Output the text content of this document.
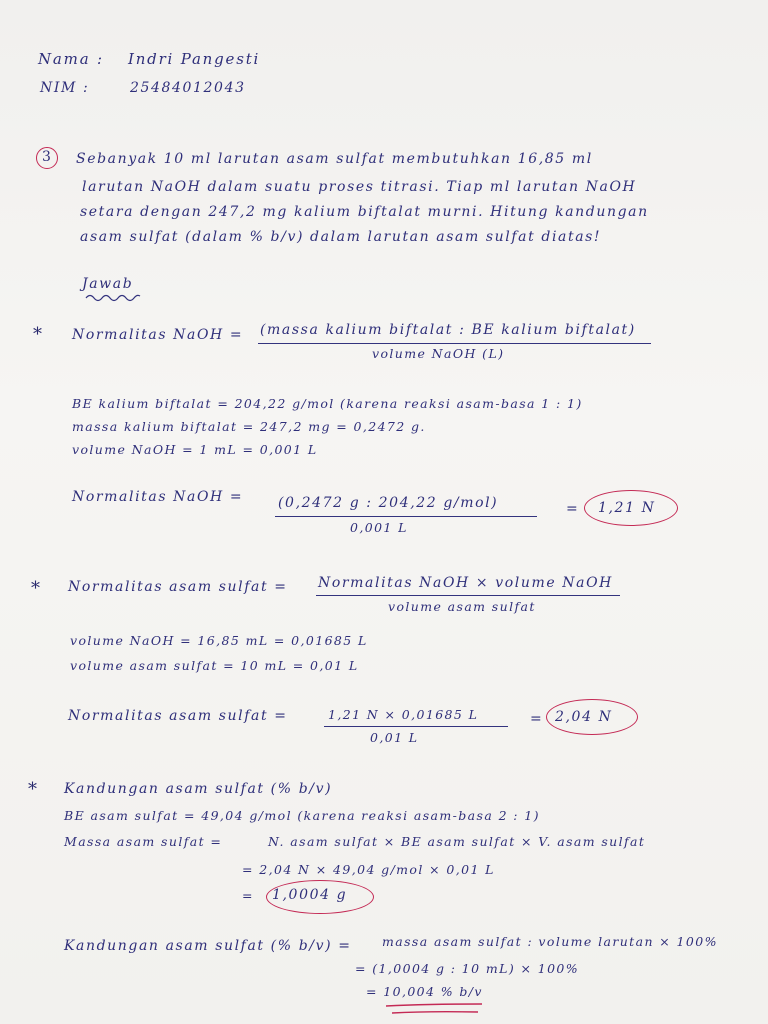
Nama : Indri Pangesti
NIM :	25484012043
3 Sebanyak 10 ml larutan asam sulfat membutuhkan 16,85 ml
larutan NaOH dalam suatu proses titrasi. Tiap ml larutan NaOH
setara dengan 247,2 mg kalium biftalat murni. Hitung kandungan
asam sulfat (dalam % b/v) dalam larutan asam sulfat diatas!
Jawab
* Normalitas NaOH = (massa kalium biftalat : BE kalium biftalat)
volume NaOH (L)
BE kalium biftalat = 204,22 g/mol (karena reaksi asam-basa 1 : 1)
massa kalium biftalat = 247,2 mg = 0,2472 g.
volume NaOH = 1 mL = 0,001 L
Normalitas NaOH = (0,2472 g : 204,22 g/mol)
0,001 L
= 1,21 N
* Normalitas asam sulfat = Normalitas NaOH × volume NaOH
volume asam sulfat
volume NaOH = 16,85 mL = 0,01685 L
volume asam sulfat = 10 mL = 0,01 L
Normalitas asam sulfat =	1,21 N × 0,01685 L
0,01 L
= 2,04 N
* Kandungan asam sulfat (% b/v)
BE asam sulfat = 49,04 g/mol (karena reaksi asam-basa 2 : 1)
Massa asam sulfat =	N. asam sulfat × BE asam sulfat × V. asam sulfat
= 2,04 N × 49,04 g/mol × 0,01 L
= 1,0004 g
Kandungan asam sulfat (% b/v) = massa asam sulfat : volume larutan × 100%
= (1,0004 g : 10 mL) × 100%
= 10,004 % b/v
